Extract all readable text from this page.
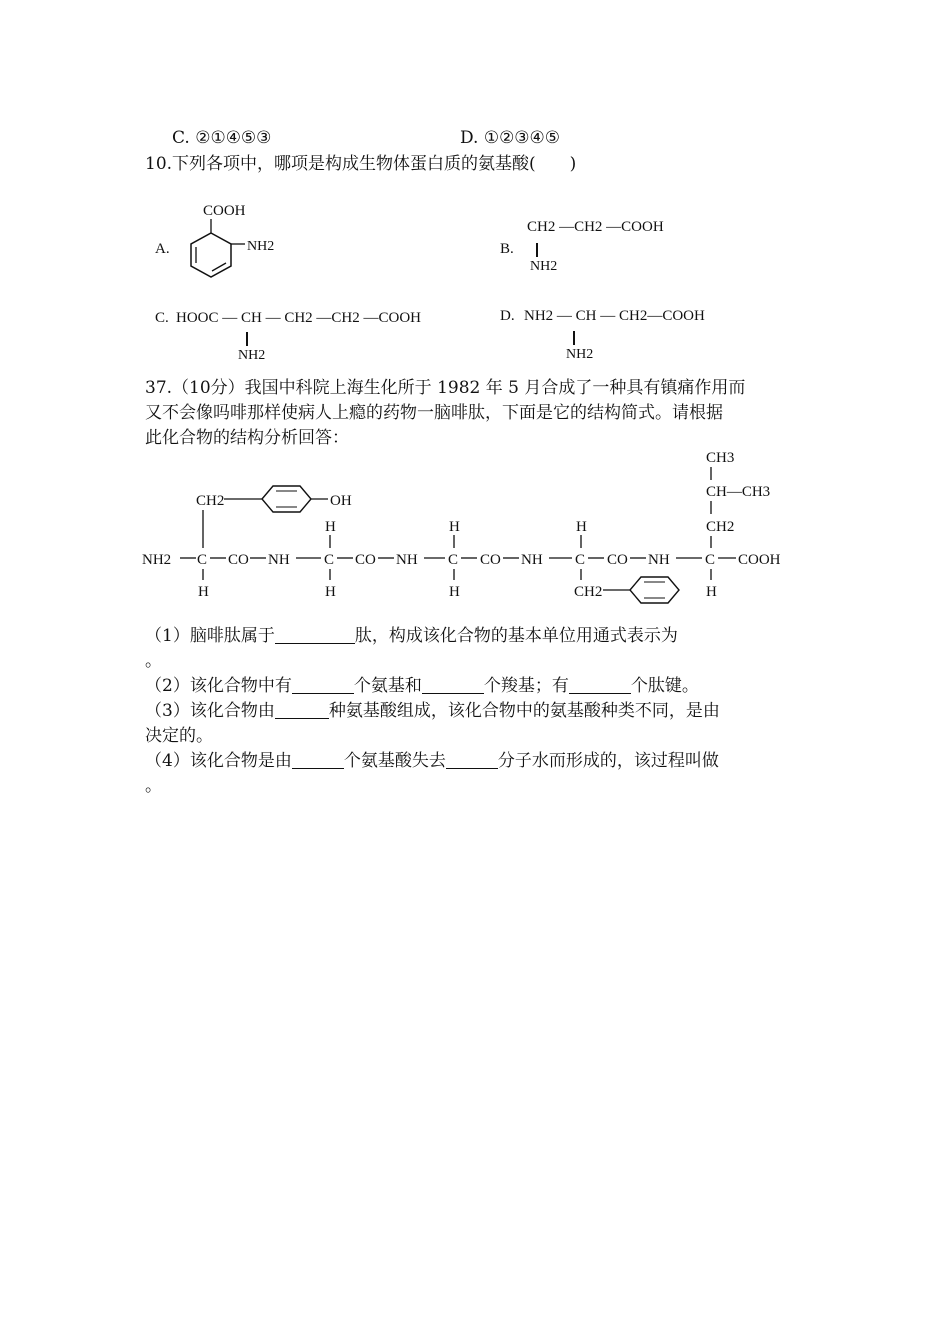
C. ②①④⑤③	D. ①②③④⑤
10.下列各项中，哪项是构成生物体蛋白质的氨基酸(　　)
A.
COOH
NH2	B.
CH2 —CH2 —COOH
NH2
C. HOOC — CH — CH2 —CH2 —COOH
NH2
D. NH2 — CH — CH2—COOH
NH2
37.（10分）我国中科院上海生化所于 1982 年 5 月合成了一种具有镇痛作用而
又不会像吗啡那样使病人上瘾的药物一脑啡肽，下面是它的结构简式。请根据
此化合物的结构分析回答：
CH3
CH—CH3
CH2
CH2	OH
H	H	H
NH2 C CO NH C CO NH C CO NH C CO NH C COOH
H	H	H	CH2	H
（1）脑啡肽属于	肽，构成该化合物的基本单位用通式表示为
。
（2）该化合物中有	个氨基和	个羧基；有	个肽键。
（3）该化合物由	种氨基酸组成，该化合物中的氨基酸种类不同，是由
决定的。
（4）该化合物是由	个氨基酸失去	分子水而形成的，该过程叫做
。
